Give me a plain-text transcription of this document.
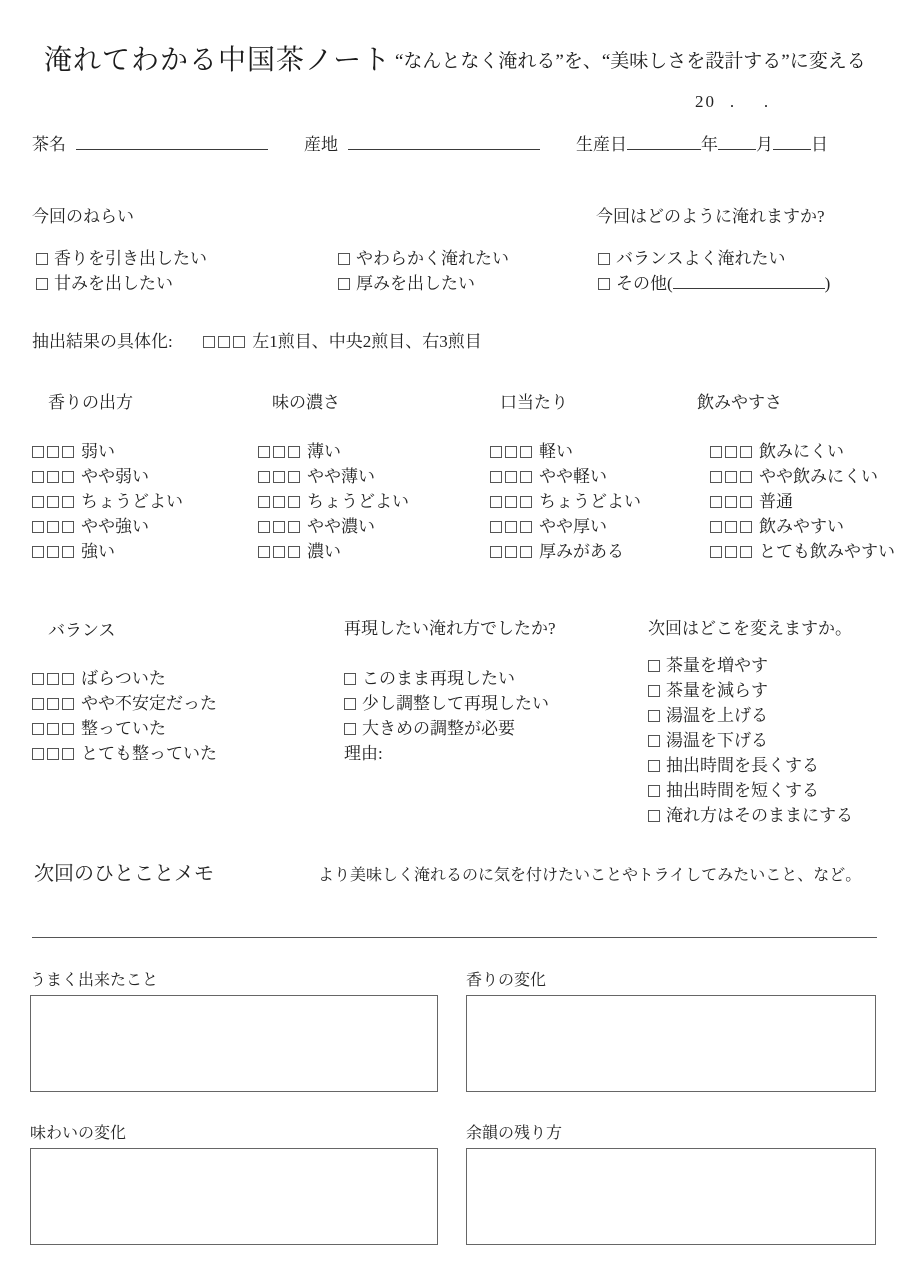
淹れてわかる中国茶ノート “なんとなく淹れる”を、“美味しさを設計する”に変える
20 . .
茶名	産地	生産日	年 月 日
今回のねらい	今回はどのように淹れますか?
香りを引き出したい
甘みを出したい
やわらかく淹れたい
厚みを出したい
バランスよく淹れたい
その他(	)
抽出結果の具体化:	左1煎目、中央2煎目、右3煎目
香りの出方	味の濃さ	口当たり	飲みやすさ
弱い
やや弱い
ちょうどよい
やや強い
強い
薄い
やや薄い
ちょうどよい
やや濃い
濃い
軽い
やや軽い
ちょうどよい
やや厚い
厚みがある
飲みにくい
やや飲みにくい
普通
飲みやすい
とても飲みやすい
バランス	再現したい淹れ方でしたか?	次回はどこを変えますか。
ばらついた
やや不安定だった
整っていた
とても整っていた
このまま再現したい
少し調整して再現したい
大きめの調整が必要
理由:
茶量を増やす
茶量を減らす
湯温を上げる
湯温を下げる
抽出時間を長くする
抽出時間を短くする
淹れ方はそのままにする
次回のひとことメモ	より美味しく淹れるのに気を付けたいことやトライしてみたいこと、など。
うまく出来たこと	香りの変化
味わいの変化	余韻の残り方
